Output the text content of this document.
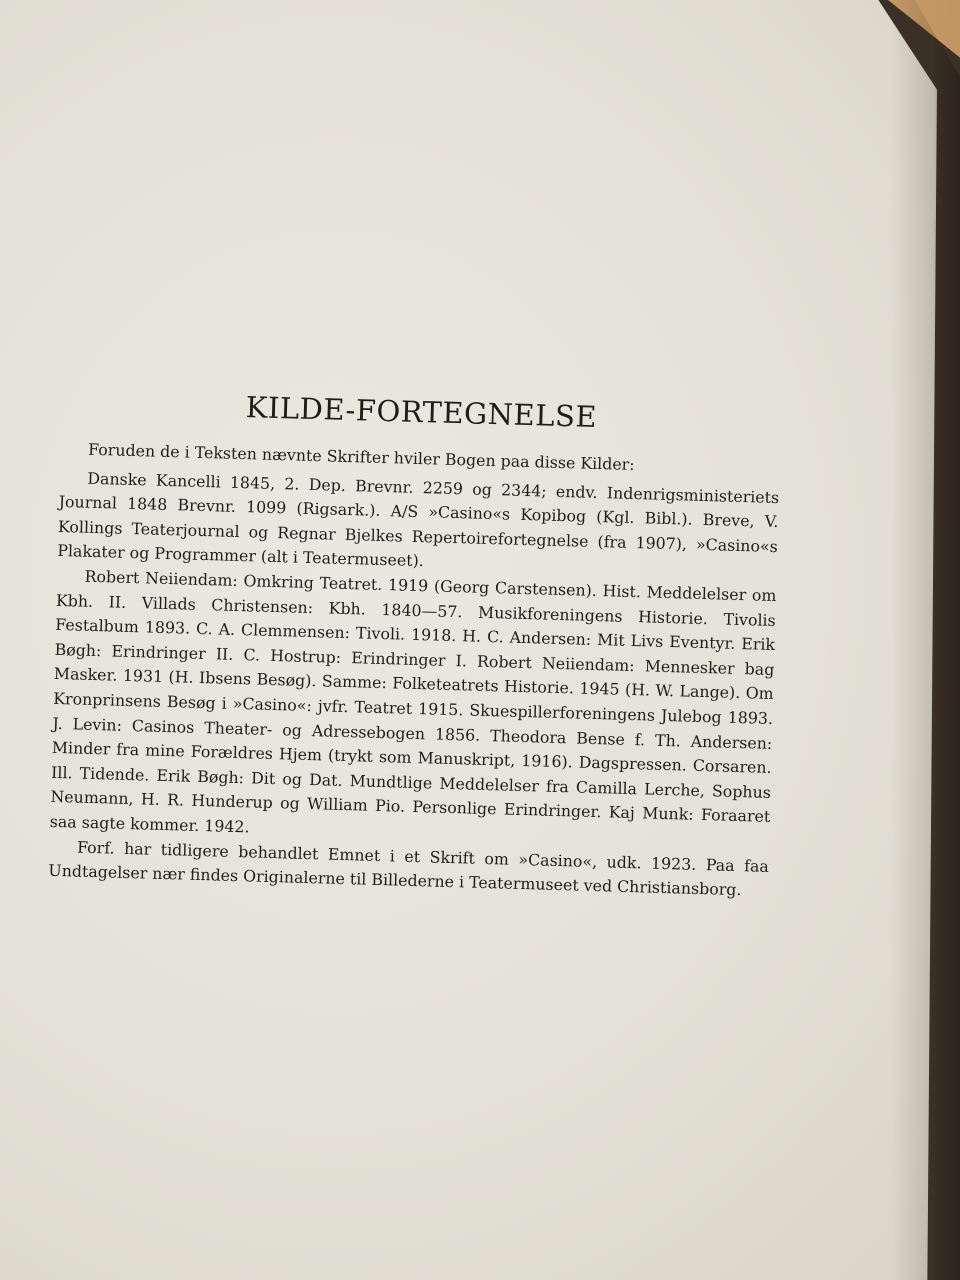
KILDE-FORTEGNELSE

Foruden de i Teksten nævnte Skrifter hviler Bogen paa disse Kilder:

Danske Kancelli 1845, 2. Dep. Brevnr. 2259 og 2344; endv. Indenrigsministeriets Journal 1848 Brevnr. 1099 (Rigsark.). A/S »Casino«s Kopibog (Kgl. Bibl.). Breve, V. Kollings Teaterjournal og Regnar Bjelkes Repertoirefortegnelse (fra 1907), »Casino«s Plakater og Programmer (alt i Teatermuseet).

Robert Neiiendam: Omkring Teatret. 1919 (Georg Carstensen). Hist. Meddelelser om Kbh. II. Villads Christensen: Kbh. 1840—57. Musikforeningens Historie. Tivolis Festalbum 1893. C. A. Clemmensen: Tivoli. 1918. H. C. Andersen: Mit Livs Eventyr. Erik Bøgh: Erindringer II. C. Hostrup: Erindringer I. Robert Neiiendam: Mennesker bag Masker. 1931 (H. Ibsens Besøg). Samme: Folketeatrets Historie. 1945 (H. W. Lange). Om Kronprinsens Besøg i »Casino«: jvfr. Teatret 1915. Skuespillerforeningens Julebog 1893. J. Levin: Casinos Theater- og Adressebogen 1856. Theodora Bense f. Th. Andersen: Minder fra mine Forældres Hjem (trykt som Manuskript, 1916). Dagspressen. Corsaren. Ill. Tidende. Erik Bøgh: Dit og Dat. Mundtlige Meddelelser fra Camilla Lerche, Sophus Neumann, H. R. Hunderup og William Pio. Personlige Erindringer. Kaj Munk: Foraaret saa sagte kommer. 1942.

Forf. har tidligere behandlet Emnet i et Skrift om »Casino«, udk. 1923. Paa faa Undtagelser nær findes Originalerne til Billederne i Teatermuseet ved Christiansborg.
